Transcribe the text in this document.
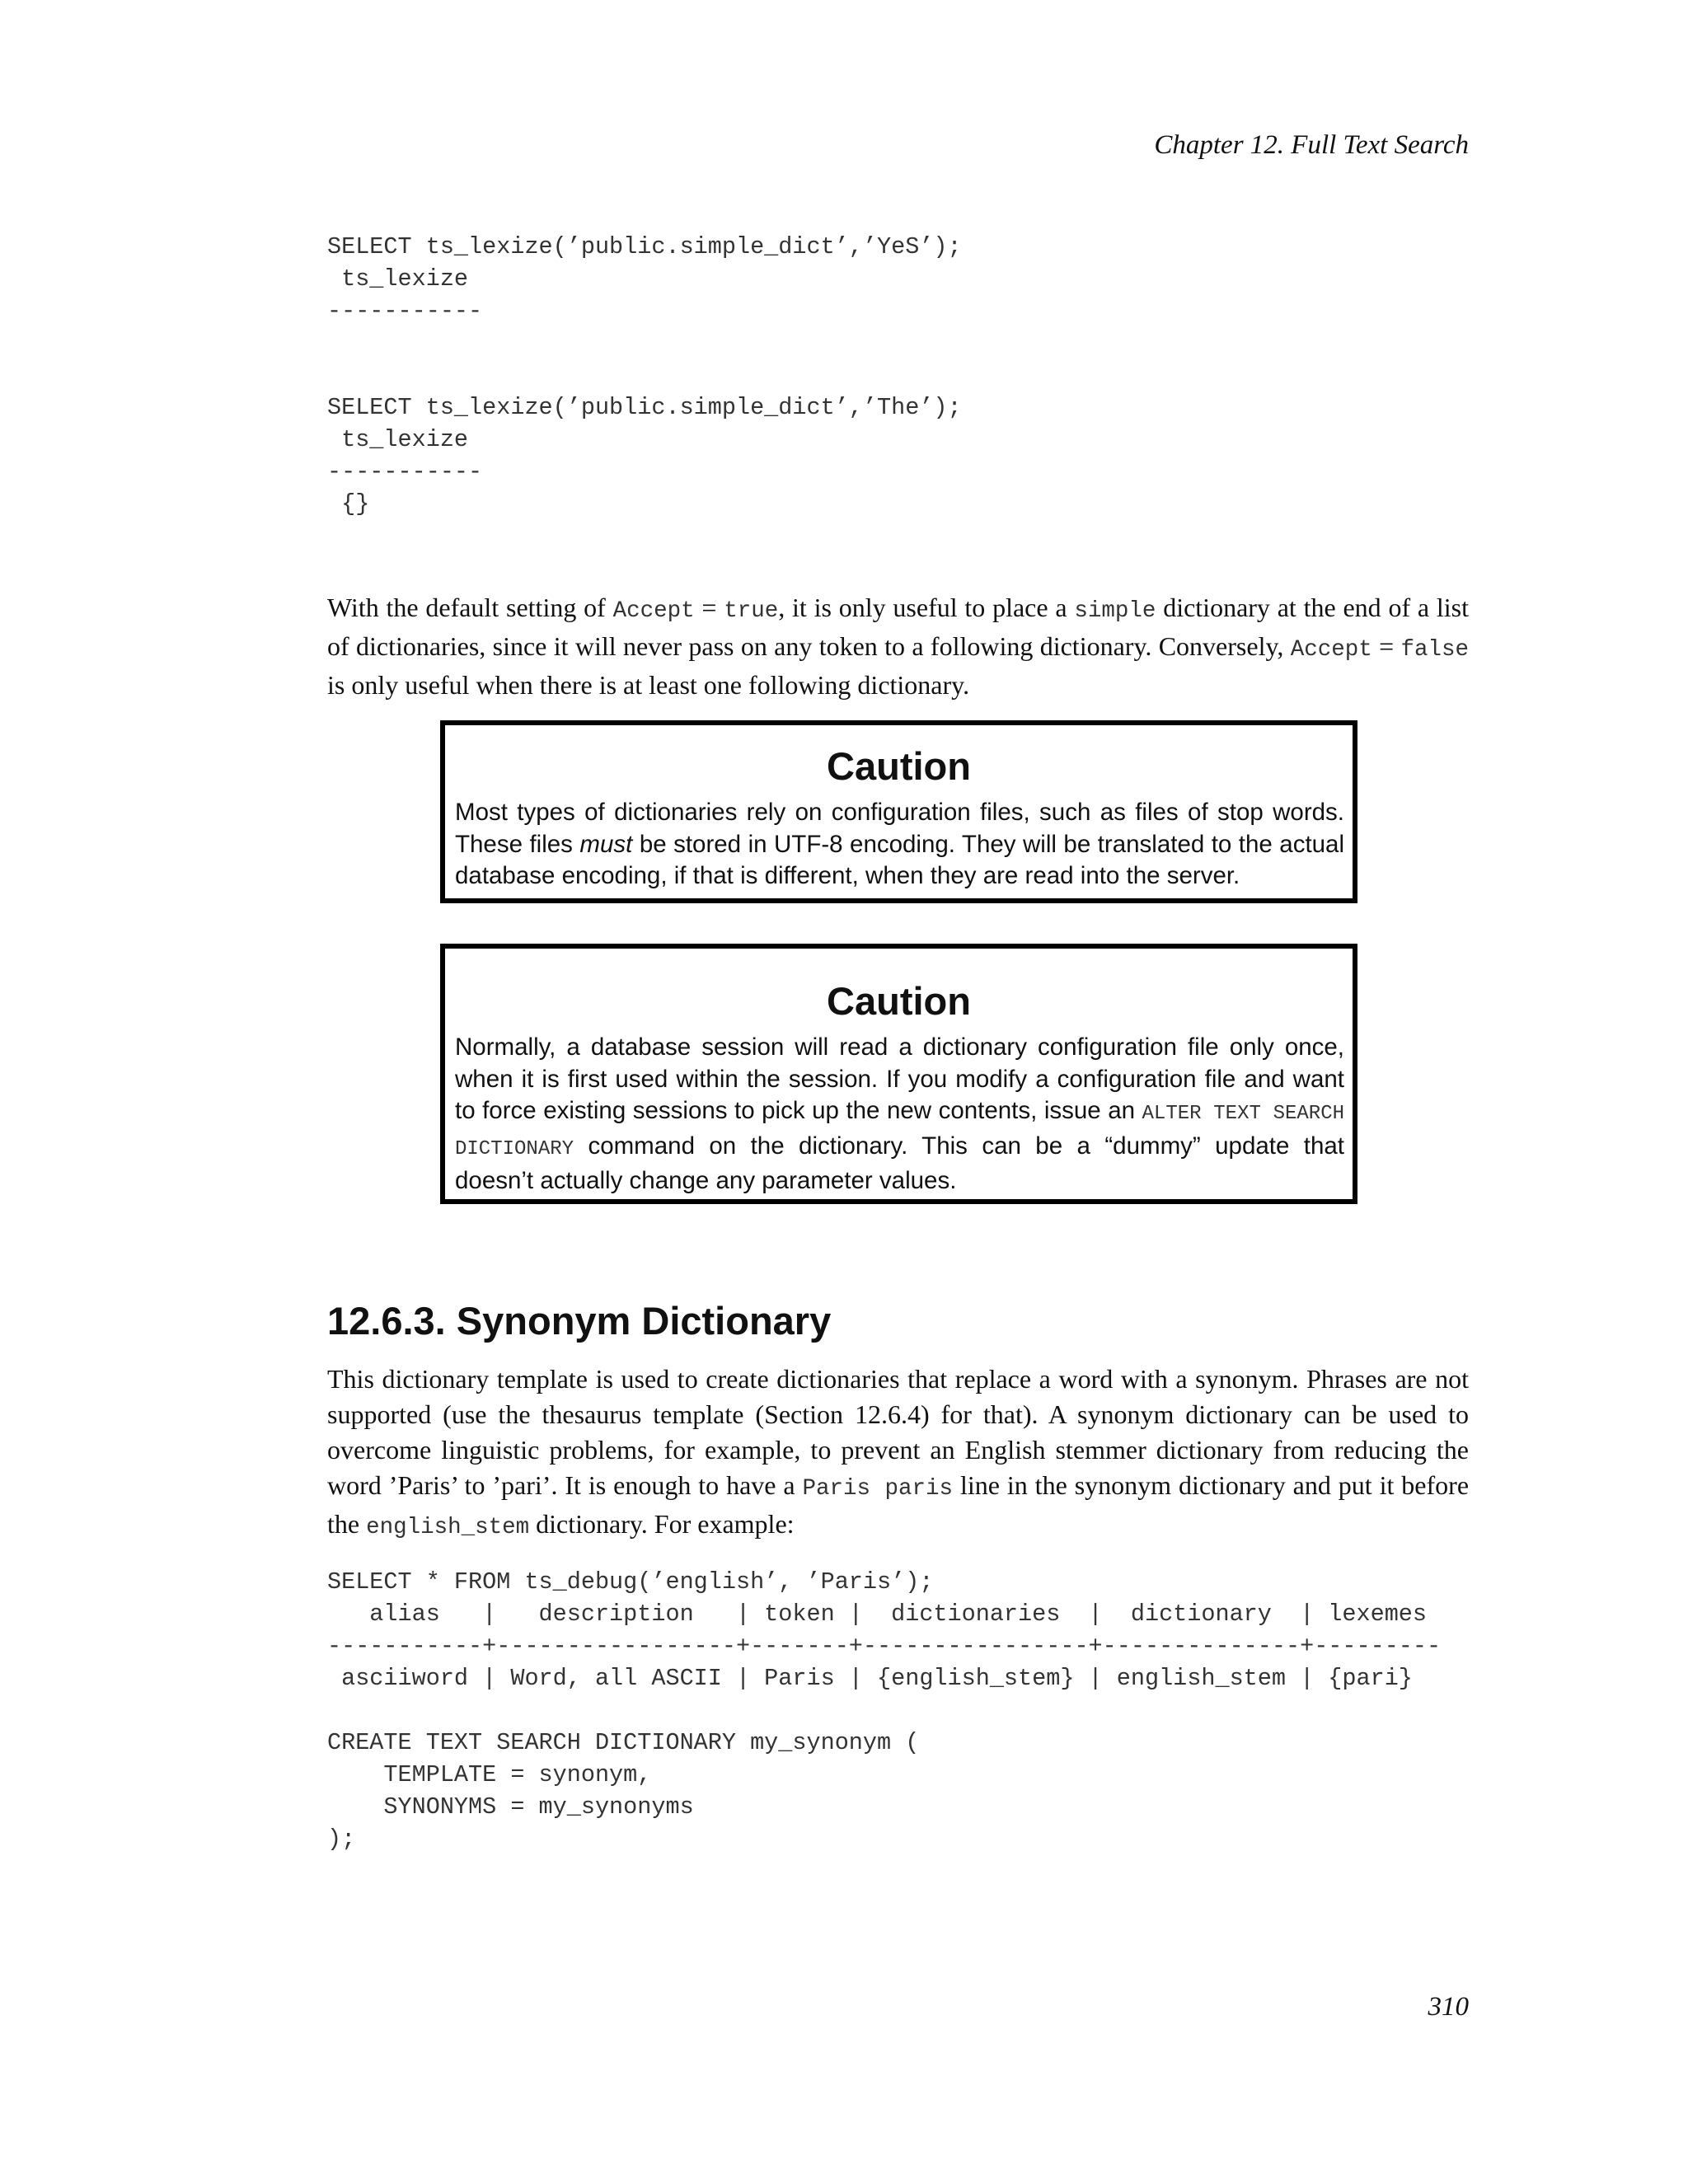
Chapter 12. Full Text Search
SELECT ts_lexize(’public.simple_dict’,’YeS’);
ts_lexize
-----------

SELECT ts_lexize(’public.simple_dict’,’The’);
ts_lexize
-----------
{}
With the default setting of Accept = true, it is only useful to place a simple dictionary at the end of a list of dictionaries, since it will never pass on any token to a following dictionary. Conversely, Accept = false is only useful when there is at least one following dictionary.
Caution

Most types of dictionaries rely on configuration files, such as files of stop words. These files must be stored in UTF-8 encoding. They will be translated to the actual database encoding, if that is different, when they are read into the server.

Caution

Normally, a database session will read a dictionary configuration file only once, when it is first used within the session. If you modify a configuration file and want to force existing sessions to pick up the new contents, issue an ALTER TEXT SEARCH DICTIONARY command on the dictionary. This can be a “dummy” update that doesn’t actually change any parameter values.

12.6.3. Synonym Dictionary
This dictionary template is used to create dictionaries that replace a word with a synonym. Phrases are not supported (use the thesaurus template (Section 12.6.4) for that). A synonym dictionary can be used to overcome linguistic problems, for example, to prevent an English stemmer dictionary from reducing the word ’Paris’ to ’pari’. It is enough to have a Paris paris line in the synonym dictionary and put it before the english_stem dictionary. For example:
SELECT * FROM ts_debug(’english’, ’Paris’);
alias   |   description   | token |  dictionaries  |  dictionary  | lexemes
-----------+-----------------+-------+----------------+--------------+---------
asciiword | Word, all ASCII | Paris | {english_stem} | english_stem | {pari}

CREATE TEXT SEARCH DICTIONARY my_synonym (
TEMPLATE = synonym,
SYNONYMS = my_synonyms
);
310
